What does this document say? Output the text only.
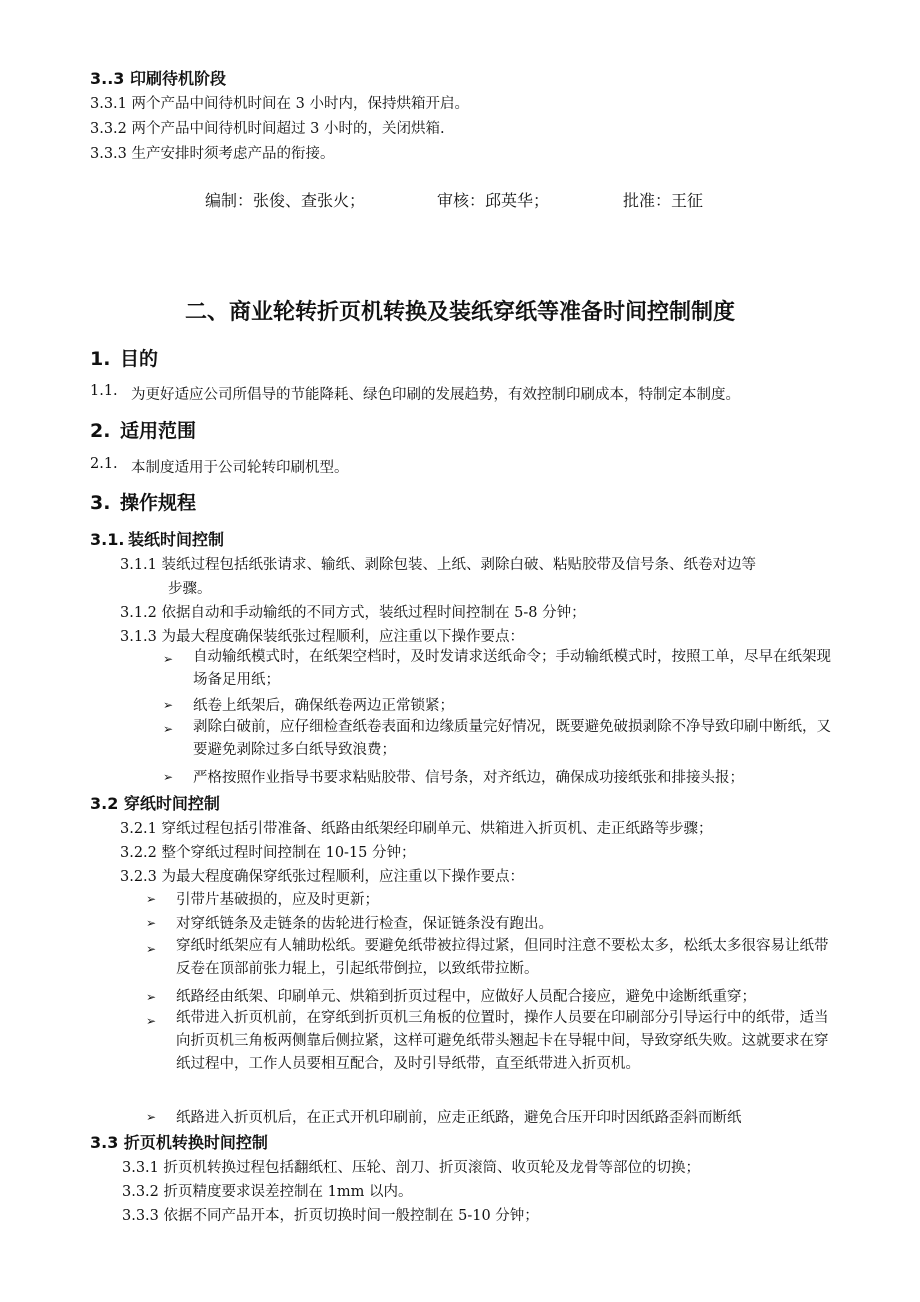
3..3 印刷待机阶段
3.3.1 两个产品中间待机时间在 3 小时内，保持烘箱开启。
3.3.2 两个产品中间待机时间超过 3 小时的，关闭烘箱.
3.3.3 生产安排时须考虑产品的衔接。
编制：张俊、查张火；	审核：邱英华；	批准：王征
二、商业轮转折页机转换及装纸穿纸等准备时间控制制度
1. 目的
1.1. 为更好适应公司所倡导的节能降耗、绿色印刷的发展趋势，有效控制印刷成本，特制定本制度。
2. 适用范围
2.1. 本制度适用于公司轮转印刷机型。
3. 操作规程
3.1. 装纸时间控制
3.1.1 装纸过程包括纸张请求、输纸、剥除包装、上纸、剥除白破、粘贴胶带及信号条、纸卷对边等
步骤。
3.1.2 依据自动和手动输纸的不同方式，装纸过程时间控制在 5-8 分钟；
3.1.3 为最大程度确保装纸张过程顺利，应注重以下操作要点：
➢ 自动输纸模式时，在纸架空档时，及时发请求送纸命令；手动输纸模式时，按照工单，尽早在纸架现场备足用纸；
➢ 纸卷上纸架后，确保纸卷两边正常锁紧；
➢ 剥除白破前，应仔细检查纸卷表面和边缘质量完好情况，既要避免破损剥除不净导致印刷中断纸，又要避免剥除过多白纸导致浪费；
➢ 严格按照作业指导书要求粘贴胶带、信号条，对齐纸边，确保成功接纸张和排接头报；
3.2 穿纸时间控制
3.2.1 穿纸过程包括引带准备、纸路由纸架经印刷单元、烘箱进入折页机、走正纸路等步骤；
3.2.2 整个穿纸过程时间控制在 10-15 分钟；
3.2.3 为最大程度确保穿纸张过程顺利，应注重以下操作要点：
➢ 引带片基破损的，应及时更新；
➢ 对穿纸链条及走链条的齿轮进行检查，保证链条没有跑出。
➢ 穿纸时纸架应有人辅助松纸。要避免纸带被拉得过紧，但同时注意不要松太多，松纸太多很容易让纸带反卷在顶部前张力辊上，引起纸带倒拉，以致纸带拉断。
➢ 纸路经由纸架、印刷单元、烘箱到折页过程中，应做好人员配合接应，避免中途断纸重穿；
➢ 纸带进入折页机前，在穿纸到折页机三角板的位置时，操作人员要在印刷部分引导运行中的纸带，适当向折页机三角板两侧靠后侧拉紧，这样可避免纸带头翘起卡在导辊中间，导致穿纸失败。这就要求在穿纸过程中，工作人员要相互配合，及时引导纸带，直至纸带进入折页机。
➢ 纸路进入折页机后，在正式开机印刷前，应走正纸路，避免合压开印时因纸路歪斜而断纸
3.3 折页机转换时间控制
3.3.1 折页机转换过程包括翻纸杠、压轮、剖刀、折页滚筒、收页轮及龙骨等部位的切换；
3.3.2 折页精度要求误差控制在 1mm 以内。
3.3.3 依据不同产品开本，折页切换时间一般控制在 5-10 分钟；
